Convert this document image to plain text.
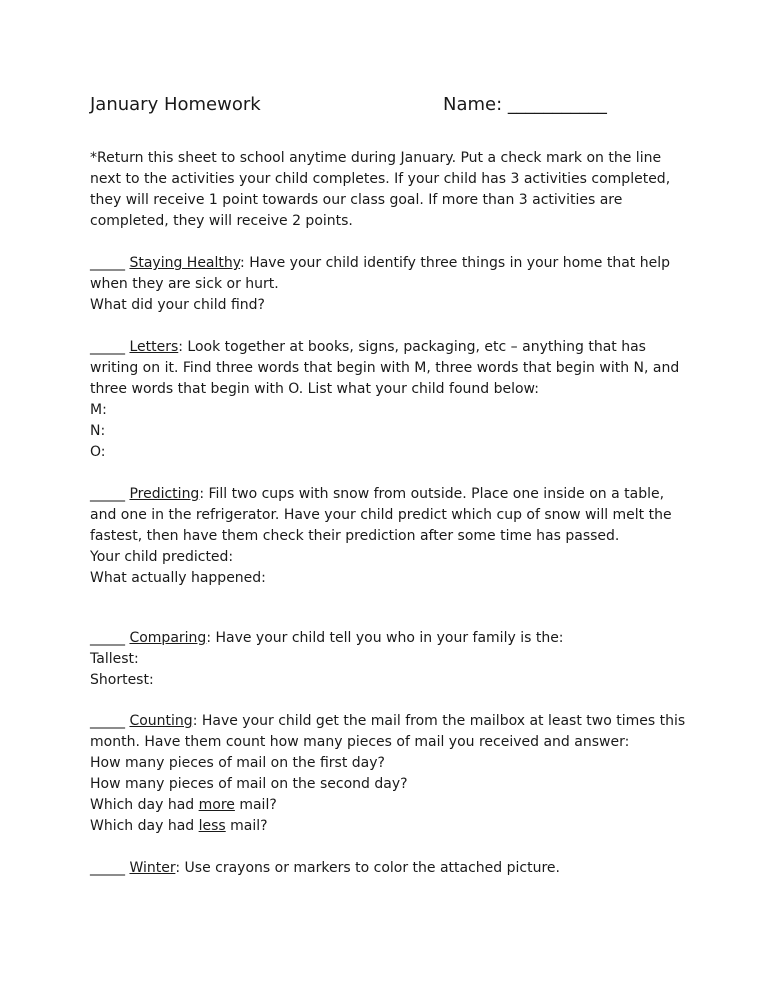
January Homework	Name: ___________

*Return this sheet to school anytime during January. Put a check mark on the line next to the activities your child completes. If your child has 3 activities completed, they will receive 1 point towards our class goal. If more than 3 activities are completed, they will receive 2 points.

_____ Staying Healthy: Have your child identify three things in your home that help when they are sick or hurt.

What did your child find?

_____ Letters: Look together at books, signs, packaging, etc – anything that has writing on it. Find three words that begin with M, three words that begin with N, and three words that begin with O. List what your child found below:

M:

N:

O:

_____ Predicting: Fill two cups with snow from outside. Place one inside on a table, and one in the refrigerator. Have your child predict which cup of snow will melt the fastest, then have them check their prediction after some time has passed.

Your child predicted:

What actually happened:

_____ Comparing: Have your child tell you who in your family is the:

Tallest:

Shortest:

_____ Counting: Have your child get the mail from the mailbox at least two times this month. Have them count how many pieces of mail you received and answer:

How many pieces of mail on the first day?

How many pieces of mail on the second day?

Which day had more mail?

Which day had less mail?

_____ Winter: Use crayons or markers to color the attached picture.
